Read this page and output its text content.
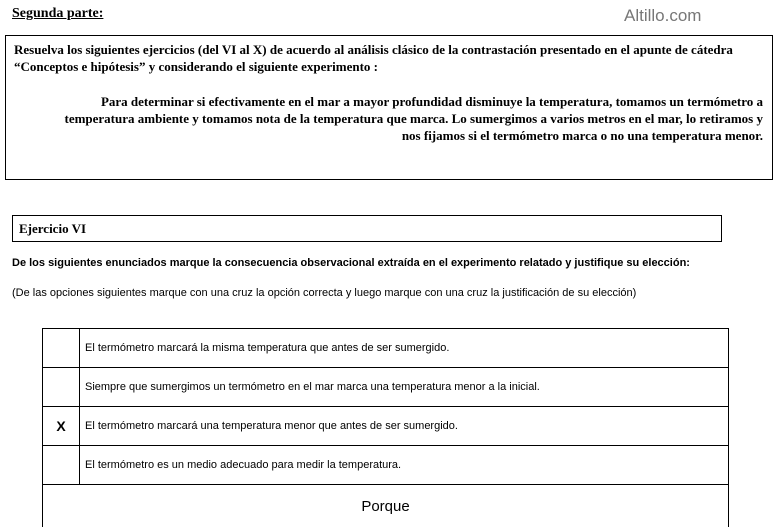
Segunda parte:	Altillo.com
Resuelva los siguientes ejercicios (del VI al X) de acuerdo al análisis clásico de la contrastación presentado en el apunte de cátedra “Conceptos e hipótesis” y considerando el siguiente experimento :
Para determinar si efectivamente en el mar a mayor profundidad disminuye la temperatura, tomamos un termómetro a temperatura ambiente y tomamos nota de la temperatura que marca. Lo sumergimos a varios metros en el mar, lo retiramos y nos fijamos si el termómetro marca o no una temperatura menor.
Ejercicio VI
De los siguientes enunciados marque la consecuencia observacional extraída en el experimento relatado y justifique su elección:
(De las opciones siguientes marque con una cruz la opción correcta y luego marque con una cruz la justificación de su elección)
	El termómetro marcará la misma temperatura que antes de ser sumergido.
	Siempre que sumergimos un termómetro en el mar marca una temperatura menor a la inicial.
X	El termómetro marcará una temperatura menor que antes de ser sumergido.
	El termómetro es un medio adecuado para medir la temperatura.
Porque	
